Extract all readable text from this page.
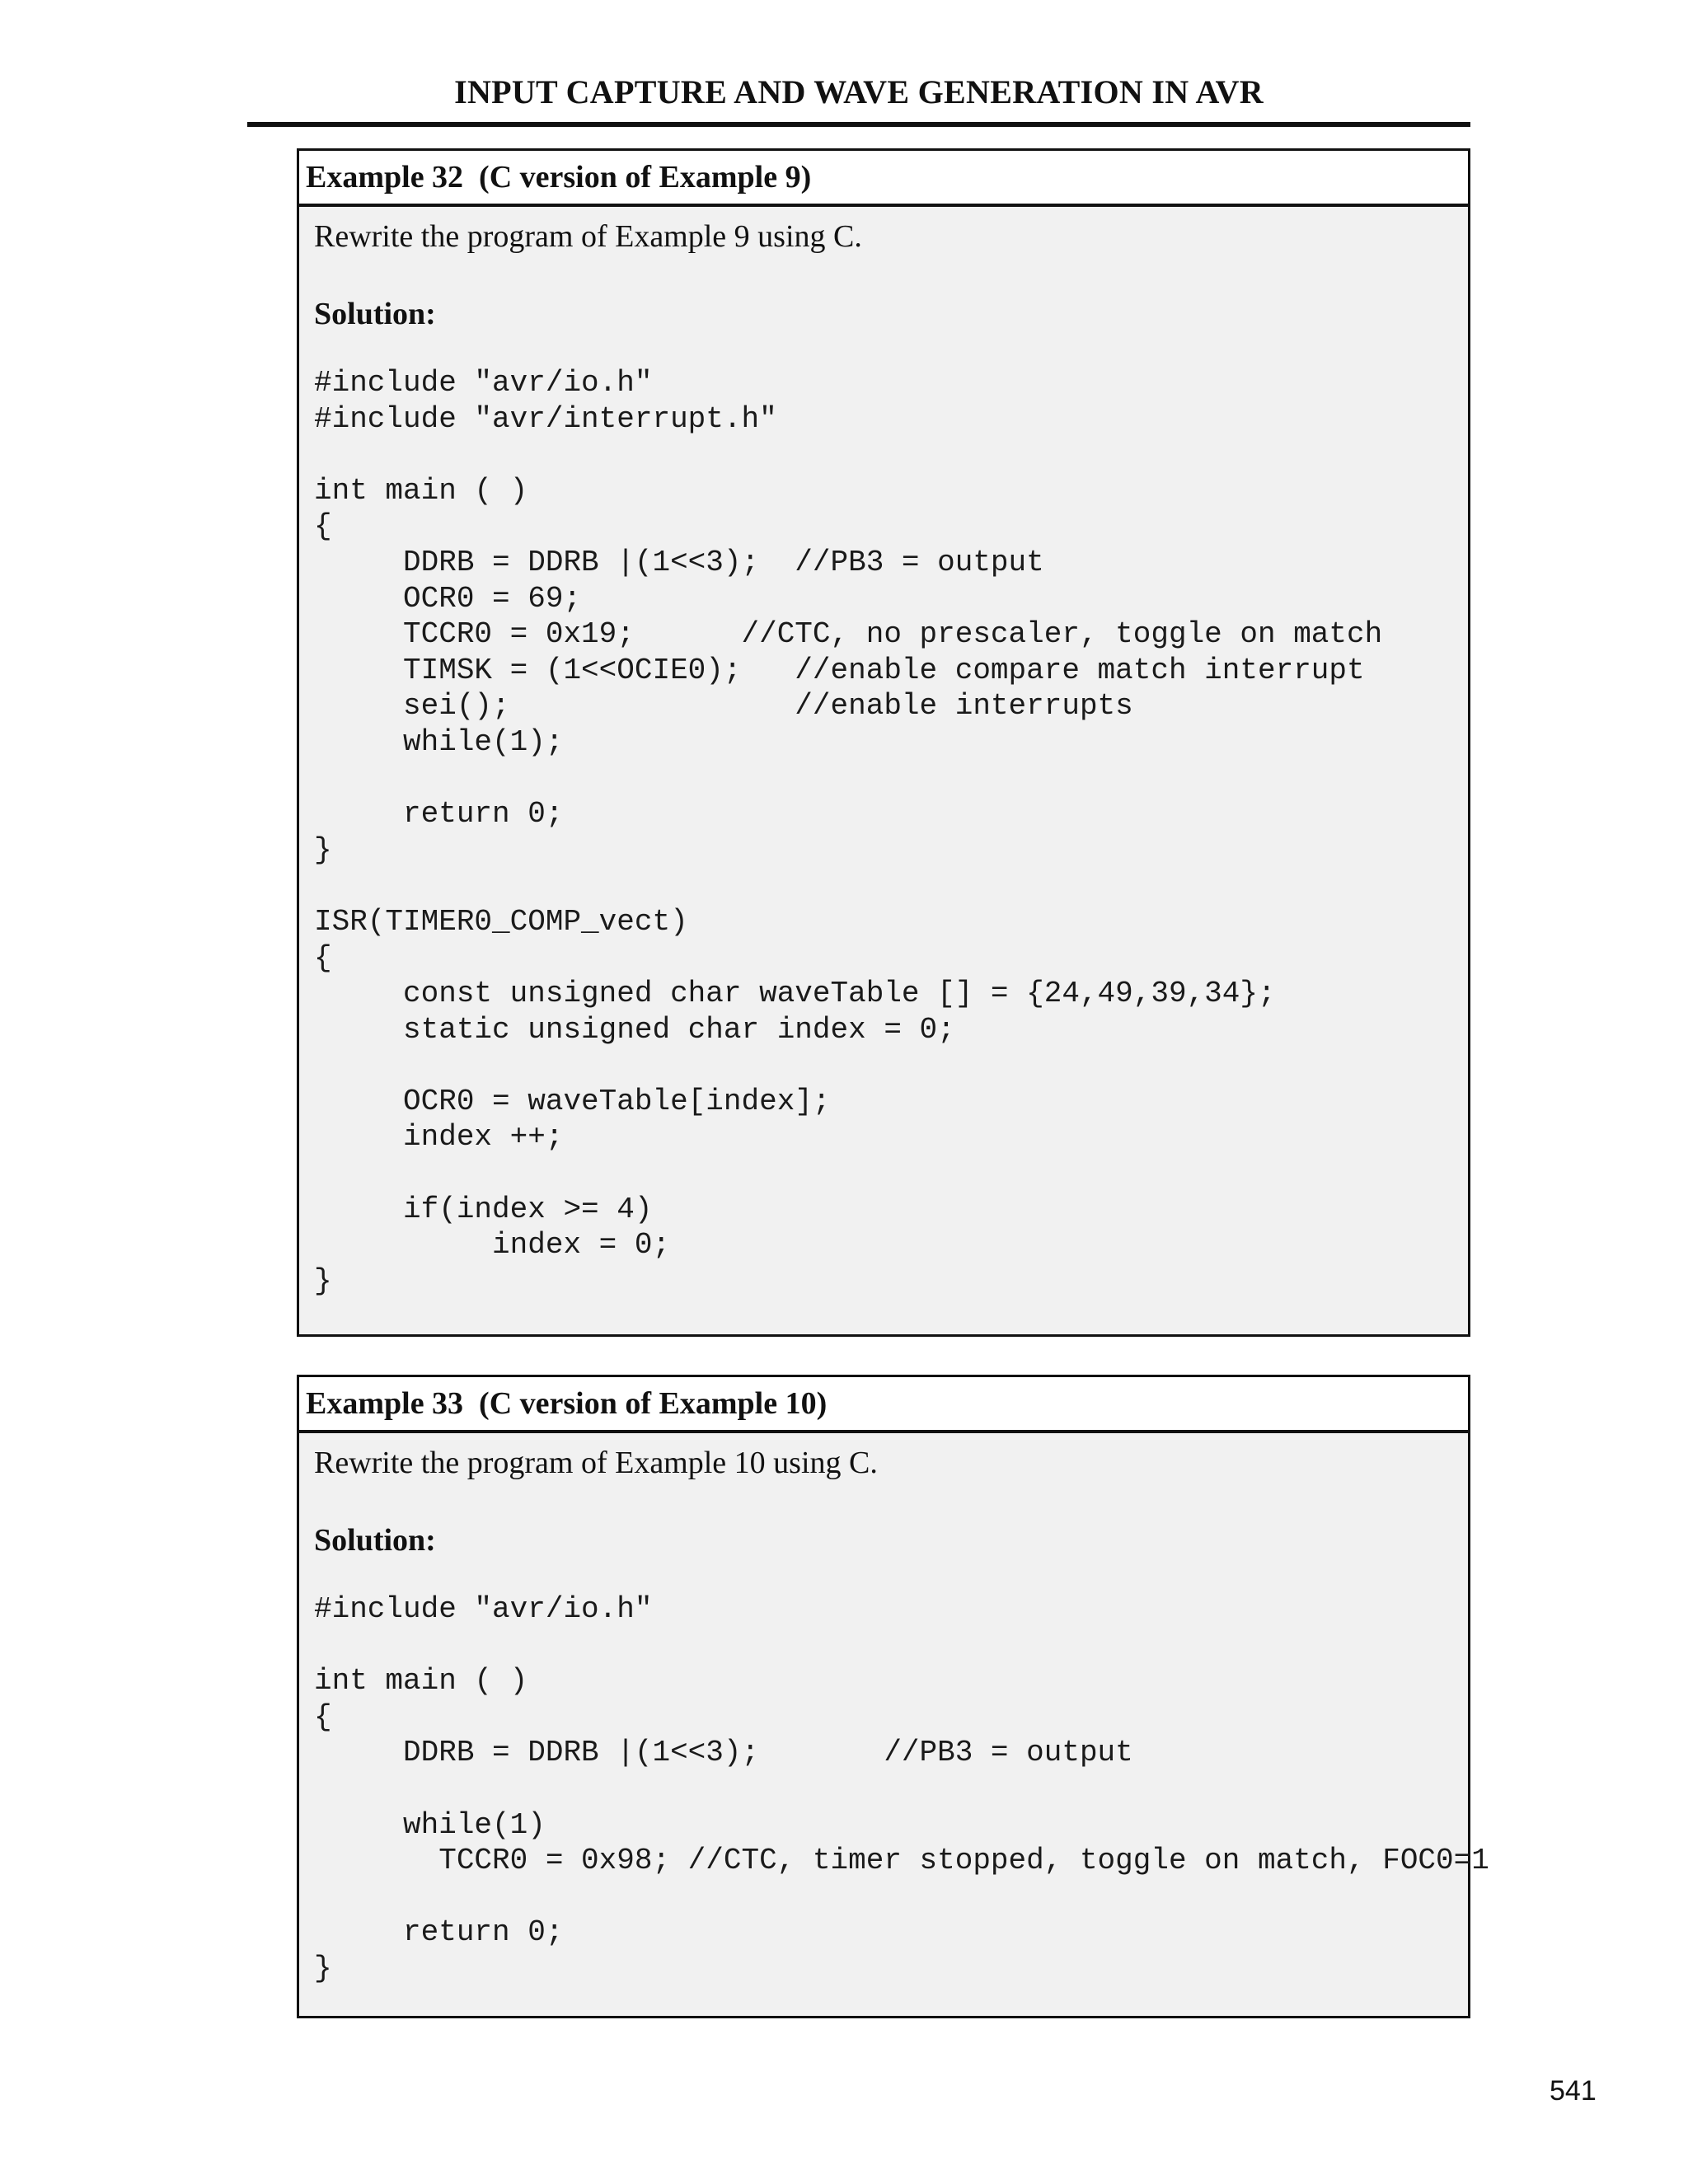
INPUT CAPTURE AND WAVE GENERATION IN AVR
Example 32  (C version of Example 9)
Rewrite the program of Example 9 using C.
Solution:
#include "avr/io.h"
#include "avr/interrupt.h"
int main ( )
{
DDRB = DDRB |(1<<3);  //PB3 = output
OCR0 = 69;
TCCR0 = 0x19;      //CTC, no prescaler, toggle on match
TIMSK = (1<<OCIE0);   //enable compare match interrupt
sei();                //enable interrupts
while(1);
return 0;
}
ISR(TIMER0_COMP_vect)
{
const unsigned char waveTable [] = {24,49,39,34};
static unsigned char index = 0;
OCR0 = waveTable[index];
index ++;
if(index >= 4)
index = 0;
}
Example 33  (C version of Example 10)
Rewrite the program of Example 10 using C.
Solution:
#include "avr/io.h"
int main ( )
{
DDRB = DDRB |(1<<3);       //PB3 = output
while(1)
TCCR0 = 0x98; //CTC, timer stopped, toggle on match, FOC0=1
return 0;
}
541
